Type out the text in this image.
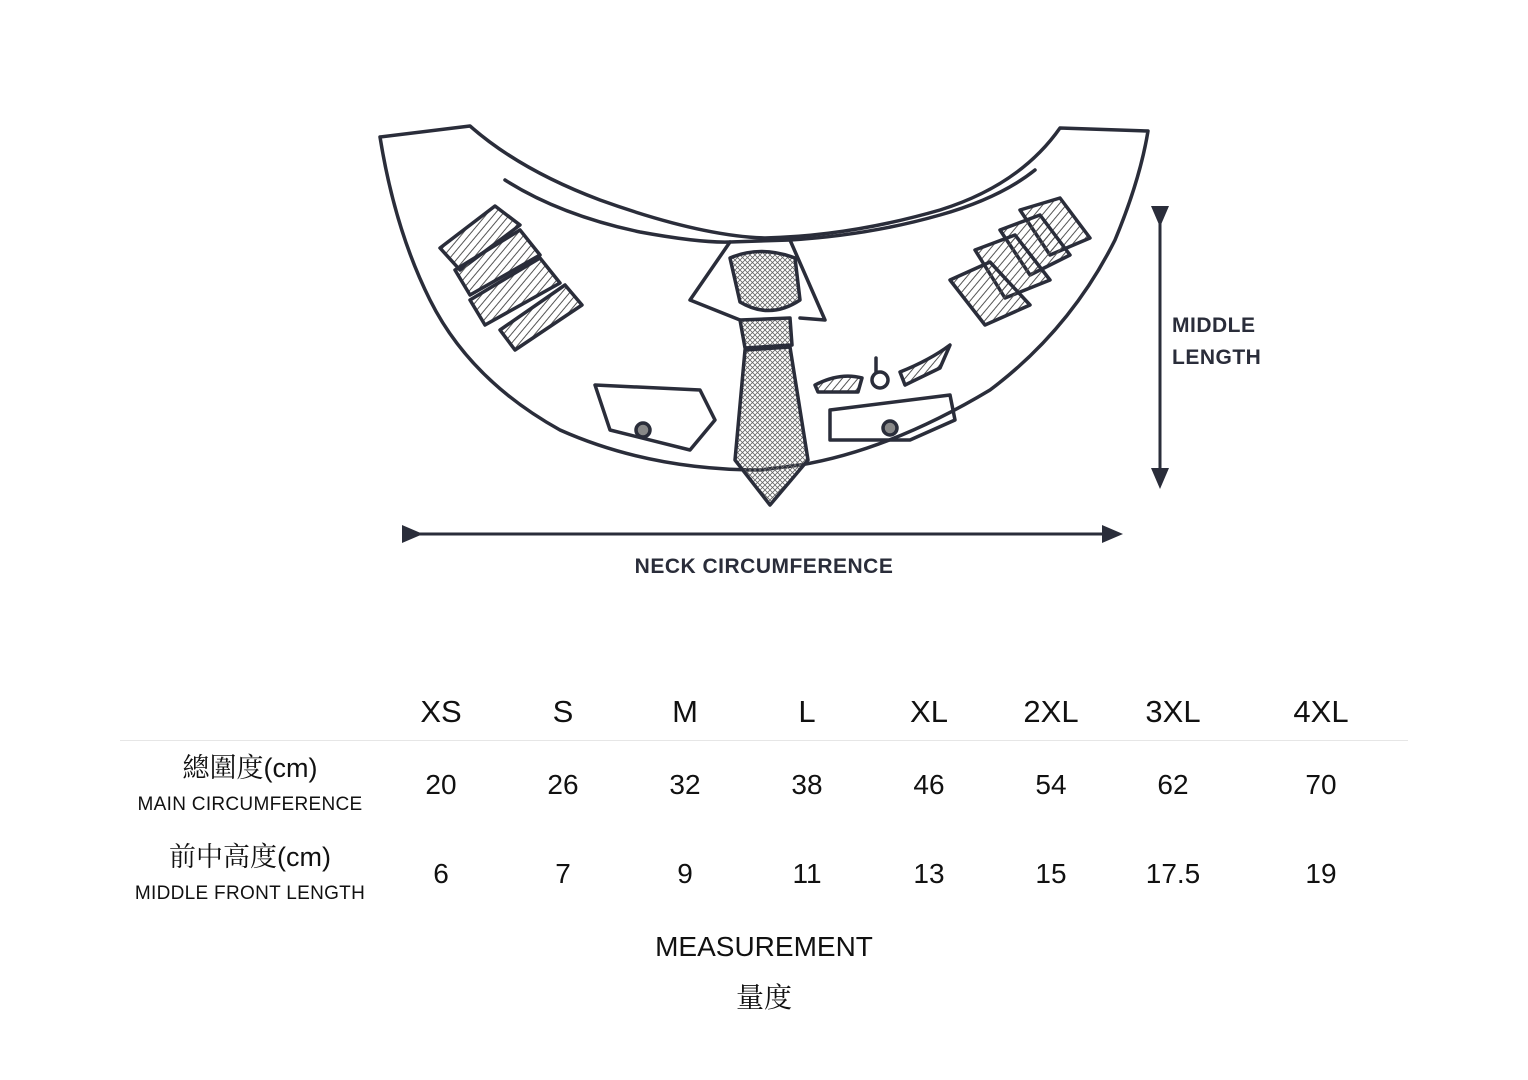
NECK CIRCUMFERENCE
MIDDLE
LENGTH
	XS	S	M	L	XL	2XL	3XL	4XL

總圍度(cm)
MAIN CIRCUMFERENCE	20	26	32	38	46	54	62	70

前中高度(cm)
MIDDLE FRONT LENGTH	6	7	9	11	13	15	17.5	19
MEASUREMENT
量度
